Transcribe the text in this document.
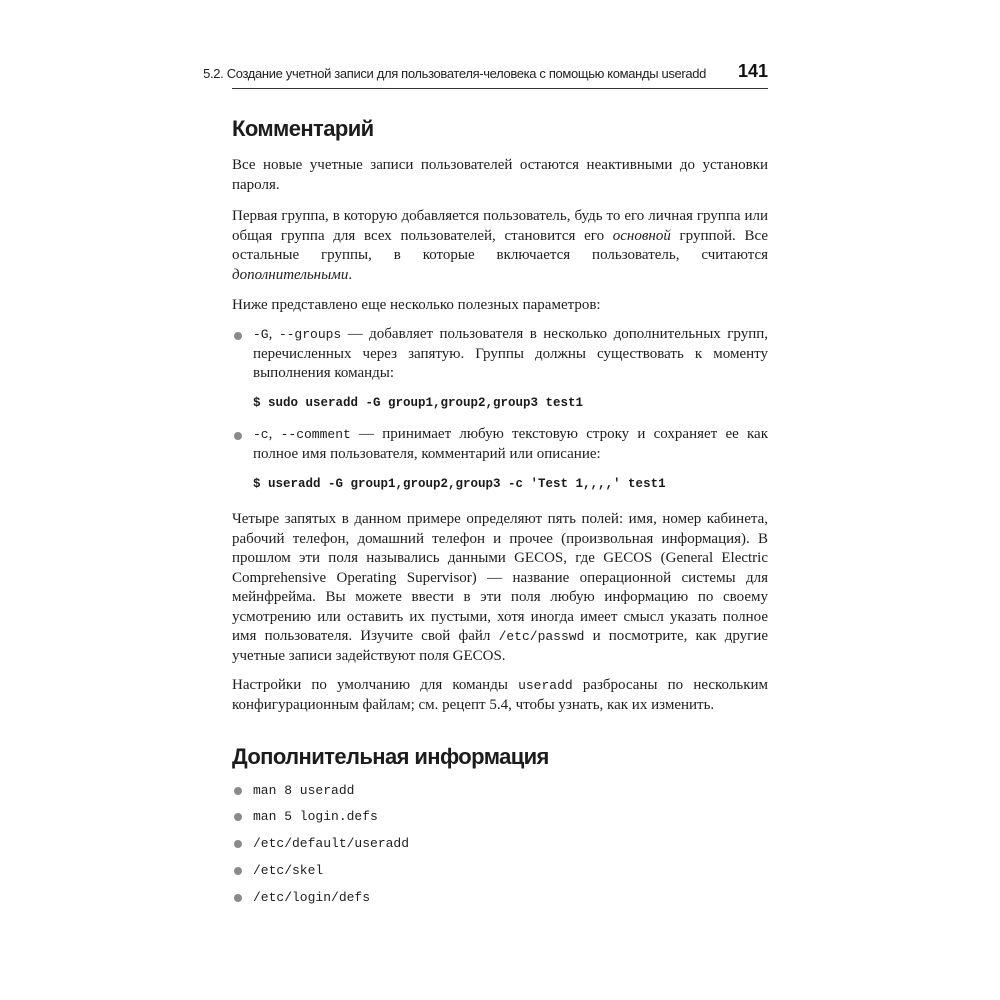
5.2. Создание учетной записи для пользователя-человека с помощью команды useradd 141
Комментарий

Все новые учетные записи пользователей остаются неактивными до установки пароля.

Первая группа, в которую добавляется пользователь, будь то его личная группа или общая группа для всех пользователей, становится его основной группой. Все остальные группы, в которые включается пользователь, считаются дополнительными.

Ниже представлено еще несколько полезных параметров:

-G, --groups — добавляет пользователя в несколько дополнительных групп, перечисленных через запятую. Группы должны существовать к моменту выполнения команды:

$ sudo useradd -G group1,group2,group3 test1

-c, --comment — принимает любую текстовую строку и сохраняет ее как полное имя пользователя, комментарий или описание:

$ useradd -G group1,group2,group3 -c 'Test 1,,,,' test1

Четыре запятых в данном примере определяют пять полей: имя, номер кабинета, рабочий телефон, домашний телефон и прочее (произвольная информация). В прошлом эти поля назывались данными GECOS, где GECOS (General Electric Comprehensive Operating Supervisor) — название операционной системы для мейнфрейма. Вы можете ввести в эти поля любую информацию по своему усмотрению или оставить их пустыми, хотя иногда имеет смысл указать полное имя пользователя. Изучите свой файл /etc/passwd и посмотрите, как другие учетные записи задействуют поля GECOS.

Настройки по умолчанию для команды useradd разбросаны по нескольким конфигурационным файлам; см. рецепт 5.4, чтобы узнать, как их изменить.

Дополнительная информация
man 8 useradd
man 5 login.defs
/etc/default/useradd
/etc/skel
/etc/login/defs
